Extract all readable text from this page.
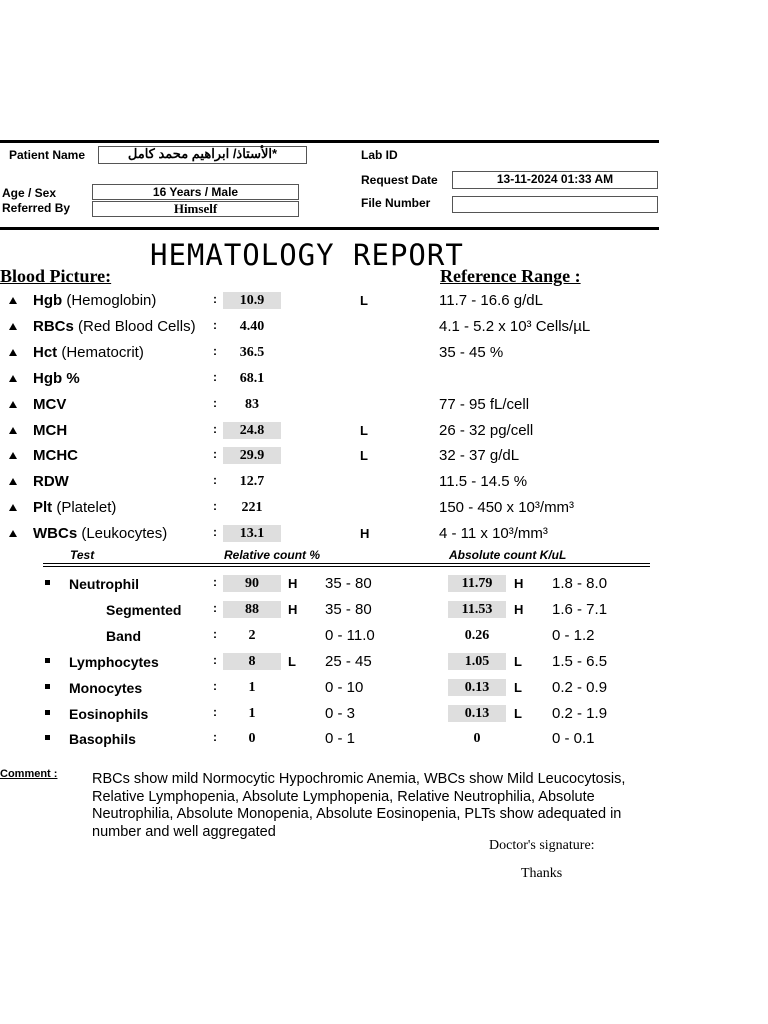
Patient Name	*الأستاذ/ ابراهيم محمد كامل	Lab ID
Request Date	13-11-2024 01:33 AM
Age / Sex	16 Years / Male
Referred By	Himself	File Number
HEMATOLOGY REPORT
Blood Picture:	Reference Range :
Hgb (Hemoglobin)	:	10.9	L	11.7 - 16.6 g/dL
RBCs (Red Blood Cells) :	4.40	4.1 - 5.2 x 10³ Cells/µL
Hct (Hematocrit)	:	36.5	35 - 45 %
Hgb %	:	68.1
MCV	:	83	77 - 95 fL/cell
MCH	:	24.8	L	26 - 32 pg/cell
MCHC	:	29.9	L	32 - 37 g/dL
RDW	:	12.7	11.5 - 14.5 %
Plt (Platelet)	:	221	150 - 450 x 10³/mm³
WBCs (Leukocytes)	:	13.1	H	4 - 11 x 10³/mm³
Test	Relative count %	Absolute count K/uL
Neutrophil	:	90	H 35 - 80	11.79	H 1.8 - 8.0
Segmented	:	88	H 35 - 80	11.53	H 1.6 - 7.1
Band	:	2	0 - 11.0	0.26	0 - 1.2
Lymphocytes	:	8	L 25 - 45	1.05	L 1.5 - 6.5
Monocytes	:	1	0 - 10	0.13	L 0.2 - 0.9
Eosinophils	:	1	0 - 3	0.13	L 0.2 - 1.9
Basophils	:	0	0 - 1	0	0 - 0.1
Comment : RBCs show mild Normocytic Hypochromic Anemia, WBCs show Mild Leucocytosis, Relative Lymphopenia, Absolute Lymphopenia, Relative Neutrophilia, Absolute Neutrophilia, Absolute Monopenia, Absolute Eosinopenia, PLTs show adequated in number and well aggregated
Doctor's signature:
Thanks
